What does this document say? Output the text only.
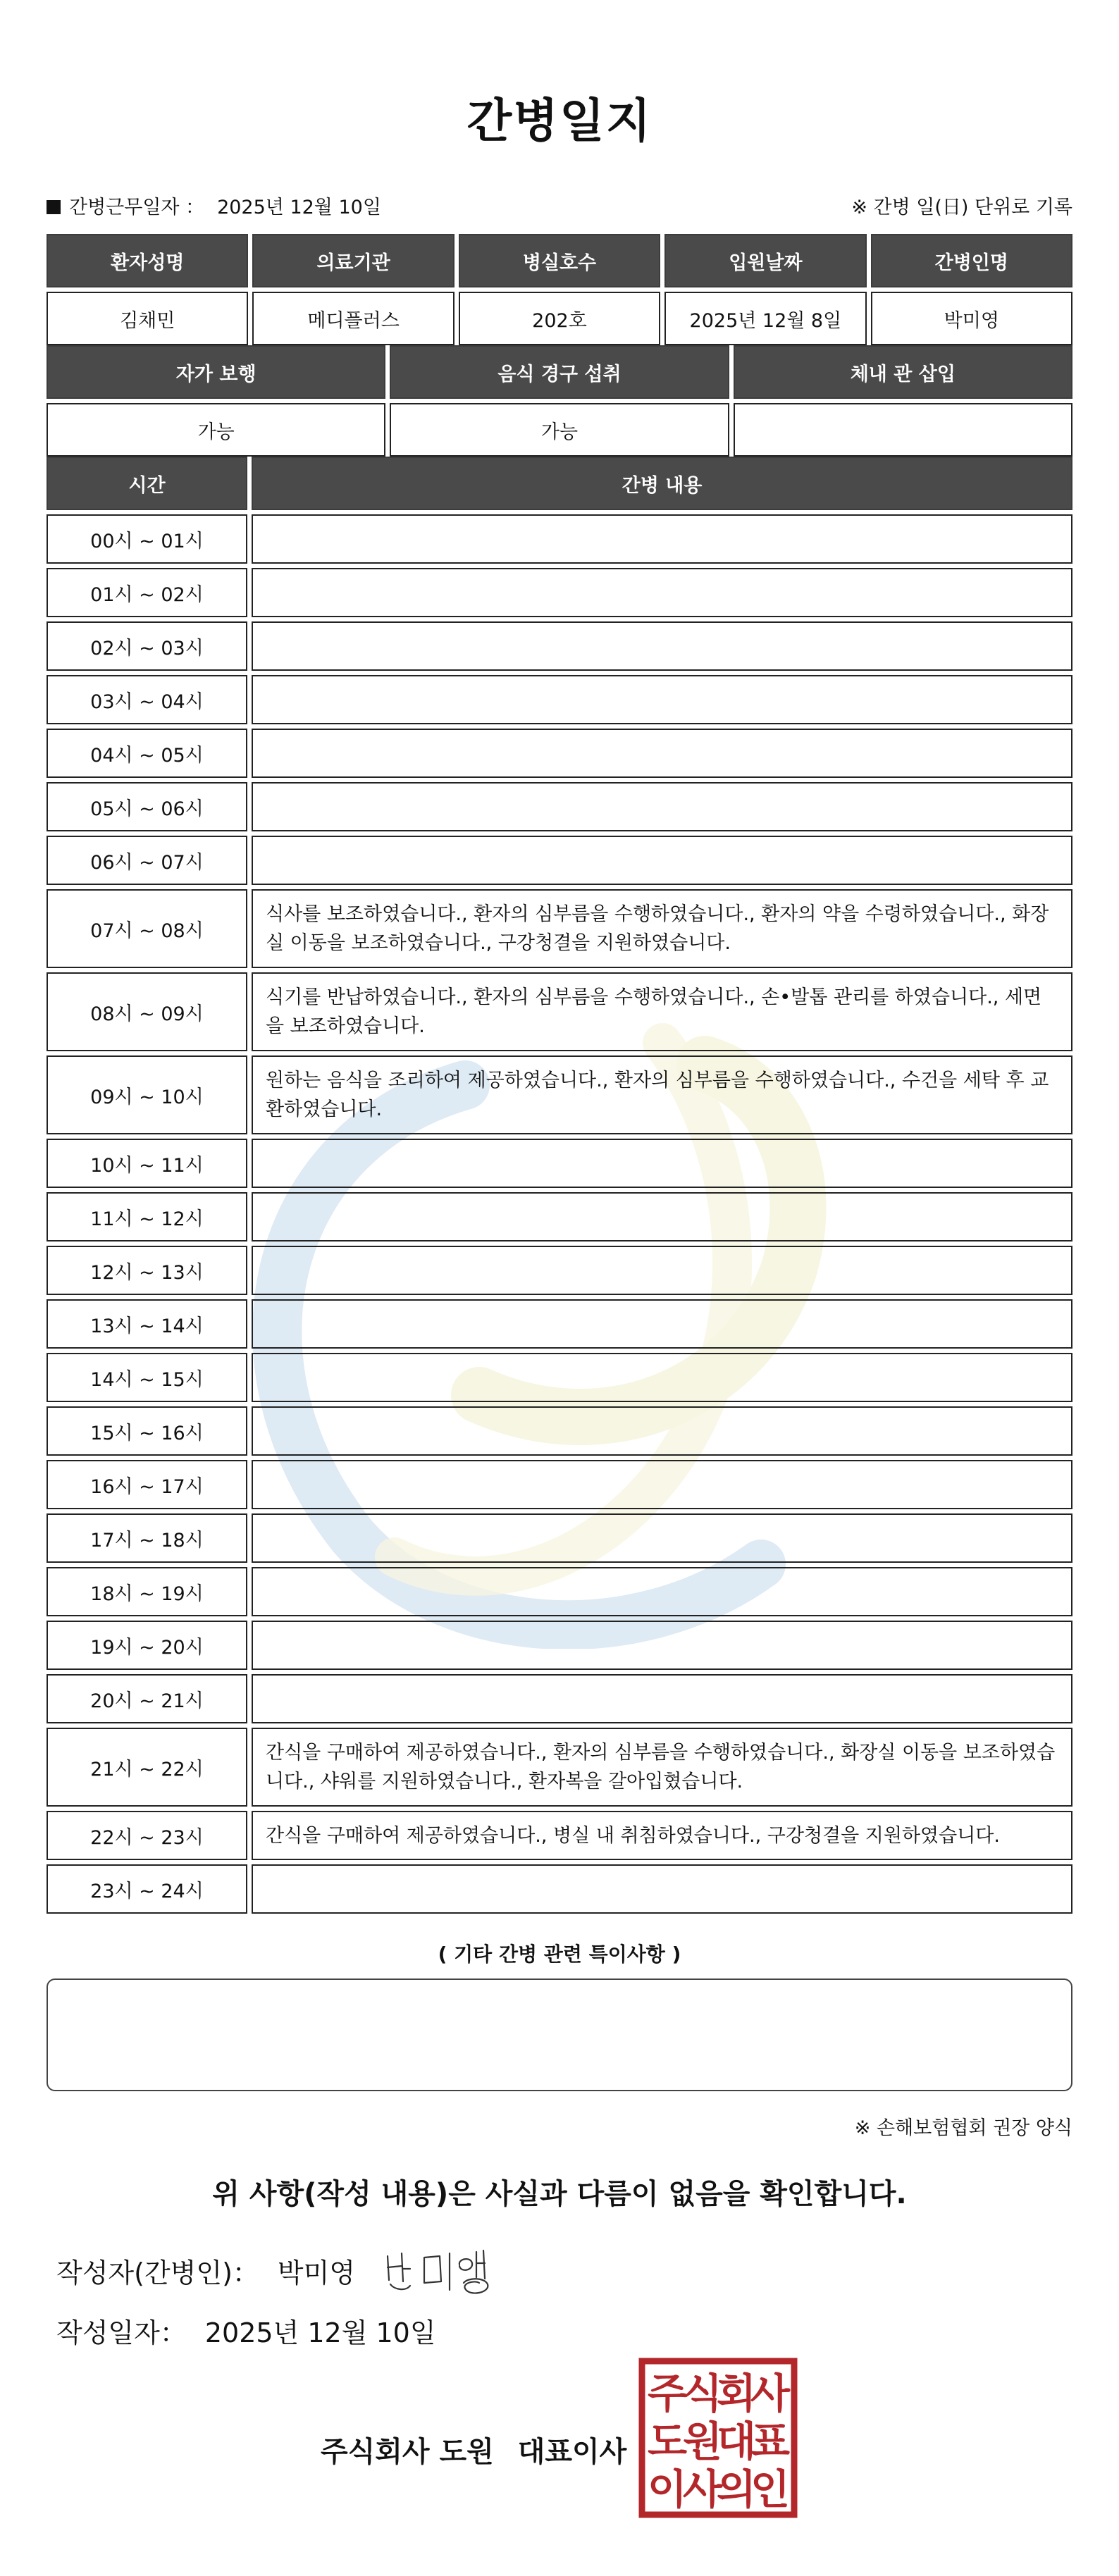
간병일지
간병근무일자 ： 2025년 12월 10일	※ 간병 일(日) 단위로 기록
환자성명	의료기관	병실호수	입원날짜	간병인명
김채민	메디플러스	202호	2025년 12월 8일	박미영
자가 보행	음식 경구 섭취	체내 관 삽입
가능	가능	
시간	간병 내용
00시 ~ 01시	
01시 ~ 02시	
02시 ~ 03시	
03시 ~ 04시	
04시 ~ 05시	
05시 ~ 06시	
06시 ~ 07시	
07시 ~ 08시	식사를 보조하였습니다., 환자의 심부름을 수행하였습니다., 환자의 약을 수령하였습니다., 화장실 이동을 보조하였습니다., 구강청결을 지원하였습니다.
08시 ~ 09시	식기를 반납하였습니다., 환자의 심부름을 수행하였습니다., 손•발톱 관리를 하였습니다., 세면을 보조하였습니다.
09시 ~ 10시	원하는 음식을 조리하여 제공하였습니다., 환자의 심부름을 수행하였습니다., 수건을 세탁 후 교환하였습니다.
10시 ~ 11시	
11시 ~ 12시	
12시 ~ 13시	
13시 ~ 14시	
14시 ~ 15시	
15시 ~ 16시	
16시 ~ 17시	
17시 ~ 18시	
18시 ~ 19시	
19시 ~ 20시	
20시 ~ 21시	
21시 ~ 22시	간식을 구매하여 제공하였습니다., 환자의 심부름을 수행하였습니다., 화장실 이동을 보조하였습니다., 샤워를 지원하였습니다., 환자복을 갈아입혔습니다.
22시 ~ 23시	간식을 구매하여 제공하였습니다., 병실 내 취침하였습니다., 구강청결을 지원하였습니다.
23시 ~ 24시	
( 기타 간병 관련 특이사항 )
※ 손해보험협회 권장 양식
위 사항(작성 내용)은 사실과 다름이 없음을 확인합니다.
작성자(간병인)： 박미영
작성일자： 2025년 12월 10일
주식회사 도원 대표이사
주
식
회
사
도
원
대
표
이
사
의
인
